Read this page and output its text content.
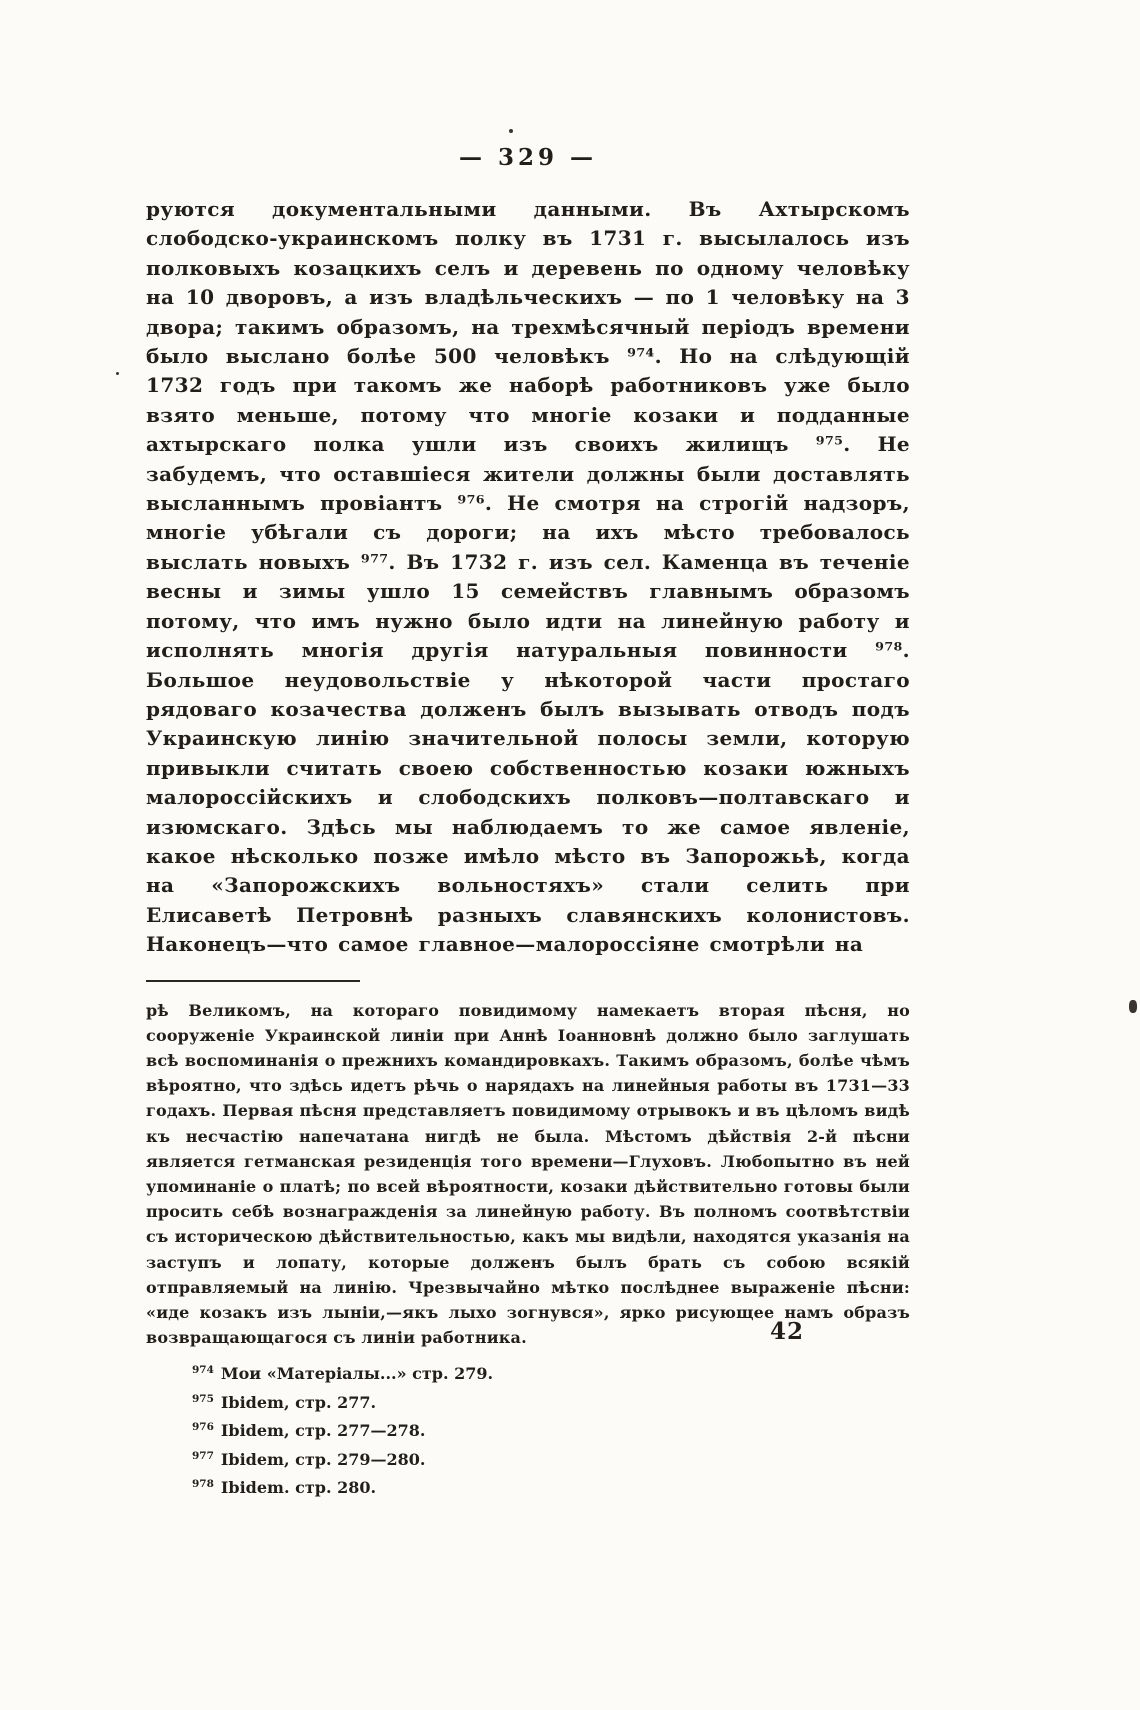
— 329 —
руются документальными данными. Въ Ахтырскомъ слободско-украинскомъ полку въ 1731 г. высылалось изъ полковыхъ козацкихъ селъ и деревень по одному человѣку на 10 дворовъ, а изъ владѣльческихъ — по 1 человѣку на 3 двора; такимъ образомъ, на трехмѣсячный періодъ времени было выслано болѣе 500 человѣкъ ⁹⁷⁴. Но на слѣдующій 1732 годъ при такомъ же наборѣ работниковъ уже было взято меньше, потому что многіе козаки и подданные ахтырскаго полка ушли изъ своихъ жилищъ ⁹⁷⁵. Не забудемъ, что оставшіеся жители должны были доставлять высланнымъ провіантъ ⁹⁷⁶. Не смотря на строгій надзоръ, многіе убѣгали съ дороги; на ихъ мѣсто требовалось выслать новыхъ ⁹⁷⁷. Въ 1732 г. изъ сел. Каменца въ теченіе весны и зимы ушло 15 семействъ главнымъ образомъ потому, что имъ нужно было идти на линейную работу и исполнять многія другія натуральныя повинности ⁹⁷⁸. Большое неудовольствіе у нѣкоторой части простаго рядоваго козачества долженъ былъ вызывать отводъ подъ Украинскую линію значительной полосы земли, которую привыкли считать своею собственностью козаки южныхъ малороссійскихъ и слободскихъ полковъ—полтавскаго и изюмскаго. Здѣсь мы наблюдаемъ то же самое явленіе, какое нѣсколько позже имѣло мѣсто въ Запорожьѣ, когда на «Запорожскихъ вольностяхъ» стали селить при Елисаветѣ Петровнѣ разныхъ славянскихъ колонистовъ. Наконецъ—что самое главное—малороссіяне смотрѣли на
рѣ Великомъ, на котораго повидимому намекаетъ вторая пѣсня, но сооруженіе Украинской линіи при Аннѣ Іоанновнѣ должно было заглушать всѣ воспоминанія о прежнихъ командировкахъ. Такимъ образомъ, болѣе чѣмъ вѣроятно, что здѣсь идетъ рѣчь о нарядахъ на линейныя работы въ 1731—33 годахъ. Первая пѣсня представляетъ повидимому отрывокъ и въ цѣломъ видѣ къ несчастію напечатана нигдѣ не была. Мѣстомъ дѣйствія 2-й пѣсни является гетманская резиденція того времени—Глуховъ. Любопытно въ ней упоминаніе о платѣ; по всей вѣроятности, козаки дѣйствительно готовы были просить себѣ вознагражденія за линейную работу. Въ полномъ соотвѣтствіи съ историческою дѣйствительностью, какъ мы видѣли, находятся указанія на заступъ и лопату, которые долженъ былъ брать съ собою всякій отправляемый на линію. Чрезвычайно мѣтко послѣднее выраженіе пѣсни: «иде козакъ изъ лыніи,—якъ лыхо зогнувся», ярко рисующее намъ образъ возвращающагося съ линіи работника.
974 Мои «Матеріалы...» стр. 279.
975 Ibidem, стр. 277.
976 Ibidem, стр. 277—278.
977 Ibidem, стр. 279—280.
978 Ibidem. стр. 280.
42
